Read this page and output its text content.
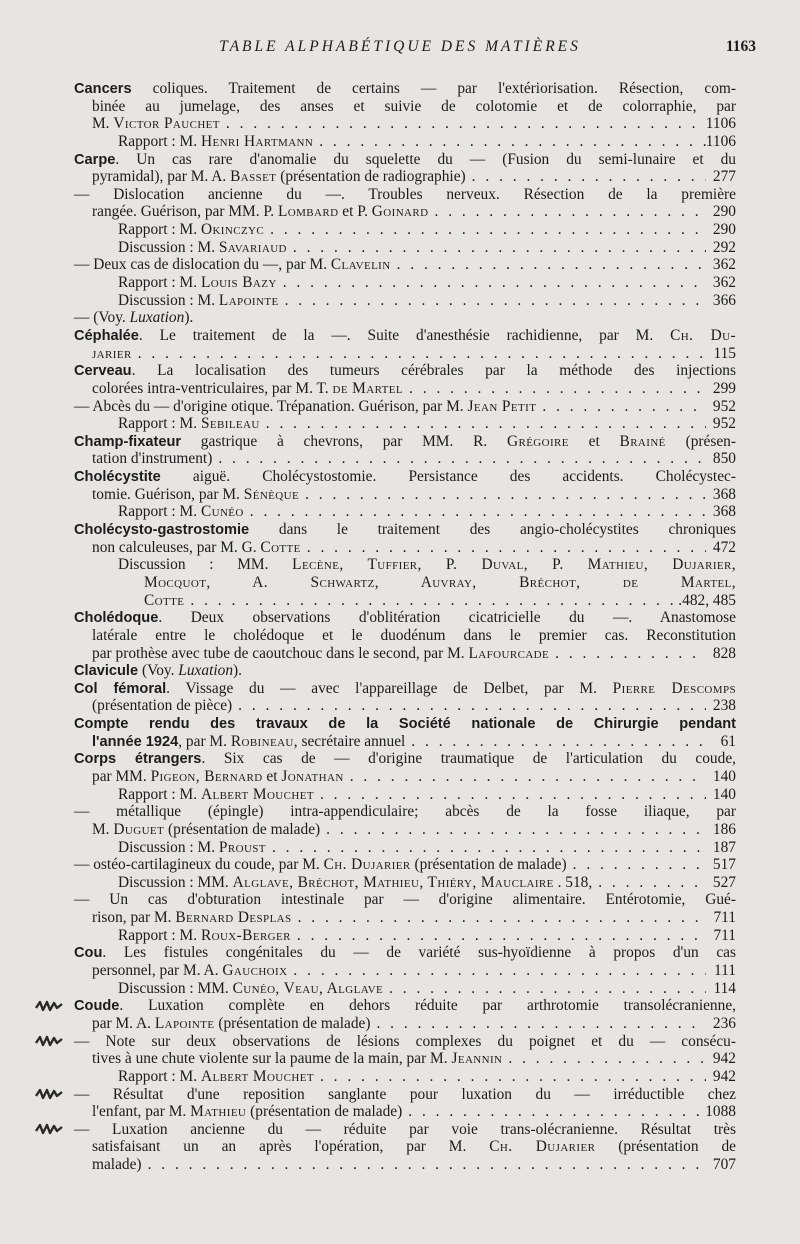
TABLE ALPHABÉTIQUE DES MATIÈRES	1163
Cancers coliques. Traitement de certains — par l'extériorisation. Résection, com-
binée au jumelage, des anses et suivie de colotomie et de colorraphie, par
M. Victor Pauchet . . .	1106
Rapport : M. Henri Hartmann . . .	1106
Carpe. Un cas rare d'anomalie du squelette du — (Fusion du semi-lunaire et du
pyramidal), par M. A. Basset (présentation de radiographie) . . .	277
— Dislocation ancienne du —. Troubles nerveux. Résection de la première
rangée. Guérison, par MM. P. Lombard et P. Goinard . . .	290
Rapport : M. Okinczyc . . .	290
Discussion : M. Savariaud . . .	292
— Deux cas de dislocation du —, par M. Clavelin . . .	362
Rapport : M. Louis Bazy . . .	362
Discussion : M. Lapointe . . .	366
— (Voy. Luxation).
Céphalée. Le traitement de la —. Suite d'anesthésie rachidienne, par M. Ch. Du-
jarier . . .	115
Cerveau. La localisation des tumeurs cérébrales par la méthode des injections
colorées intra-ventriculaires, par M. T. de Martel . . .	299
— Abcès du — d'origine otique. Trépanation. Guérison, par M. Jean Petit . . .	952
Rapport : M. Sebileau . . .	952
Champ-fixateur gastrique à chevrons, par MM. R. Grégoire et Brainé (présen-
tation d'instrument) . . .	850
Cholécystite aiguë. Cholécystostomie. Persistance des accidents. Cholécystec-
tomie. Guérison, par M. Sénèque . . .	368
Rapport : M. Cunéo . . .	368
Cholécysto-gastrostomie dans le traitement des angio-cholécystites chroniques
non calculeuses, par M. G. Cotte . . .	472
Discussion : MM. Lecène, Tuffier, P. Duval, P. Mathieu, Dujarier,
Mocquot, A. Schwartz, Auvray, Bréchot, de Martel,
Cotte . . .	.482, 485
Cholédoque. Deux observations d'oblitération cicatricielle du —. Anastomose
latérale entre le cholédoque et le duodénum dans le premier cas. Reconstitution
par prothèse avec tube de caoutchouc dans le second, par M. Lafourcade . . .	828
Clavicule (Voy. Luxation).
Col fémoral. Vissage du — avec l'appareillage de Delbet, par M. Pierre Descomps
(présentation de pièce) . . .	238
Compte rendu des travaux de la Société nationale de Chirurgie pendant
l'année 1924, par M. Robineau, secrétaire annuel . . .	61
Corps étrangers. Six cas de — d'origine traumatique de l'articulation du coude,
par MM. Pigeon, Bernard et Jonathan . . .	140
Rapport : M. Albert Mouchet . . .	140
— métallique (épingle) intra-appendiculaire; abcès de la fosse iliaque, par
M. Duguet (présentation de malade) . . .	186
Discussion : M. Proust . . .	187
— ostéo-cartilagineux du coude, par M. Ch. Dujarier (présentation de malade) . . .	517
Discussion : MM. Alglave, Bréchot, Mathieu, Thiéry, Mauclaire . 518, . . .	527
— Un cas d'obturation intestinale par — d'origine alimentaire. Entérotomie, Gué-
rison, par M. Bernard Desplas . . .	711
Rapport : M. Roux-Berger . . .	711
Cou. Les fistules congénitales du — de variété sus-hyoïdienne à propos d'un cas
personnel, par M. A. Gauchoix . . .	111
Discussion : MM. Cunéo, Veau, Alglave . . .	114
Coude. Luxation complète en dehors réduite par arthrotomie transolécranienne,
par M. A. Lapointe (présentation de malade) . . .	236
— Note sur deux observations de lésions complexes du poignet et du — consécu-
tives à une chute violente sur la paume de la main, par M. Jeannin . . .	942
Rapport : M. Albert Mouchet . . .	942
— Résultat d'une reposition sanglante pour luxation du — irréductible chez
l'enfant, par M. Mathieu (présentation de malade) . . .	1088
— Luxation ancienne du — réduite par voie trans-olécranienne. Résultat très
satisfaisant un an après l'opération, par M. Ch. Dujarier (présentation de
malade) . . .	707
